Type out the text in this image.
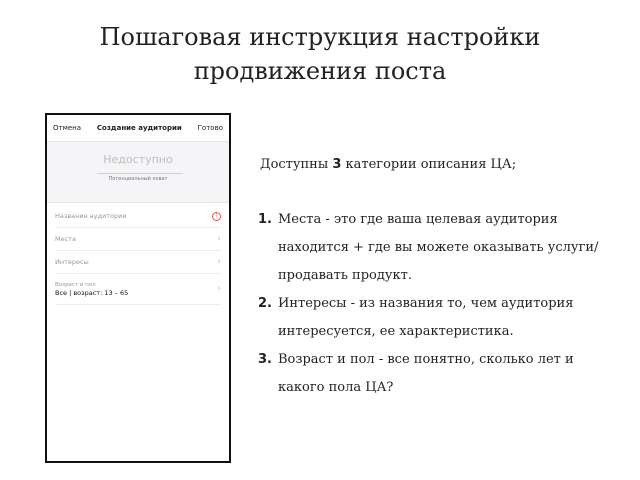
Пошаговая инструкция настройки
продвижения поста
Отмена Создание аудитории Готово
Недоступно
Потенциальный охват
Название аудитории	!
Места	›
Интересы	›
Возраст и пол
Все | возраст: 13 – 65	›
Доступны 3 категории описания ЦА;
1. Места - это где ваша целевая аудитория находится + где вы можете оказывать услуги/продавать продукт.
2. Интересы - из названия то, чем аудитория интересуется, ее характеристика.
3. Возраст и пол - все понятно, сколько лет и какого пола ЦА?
